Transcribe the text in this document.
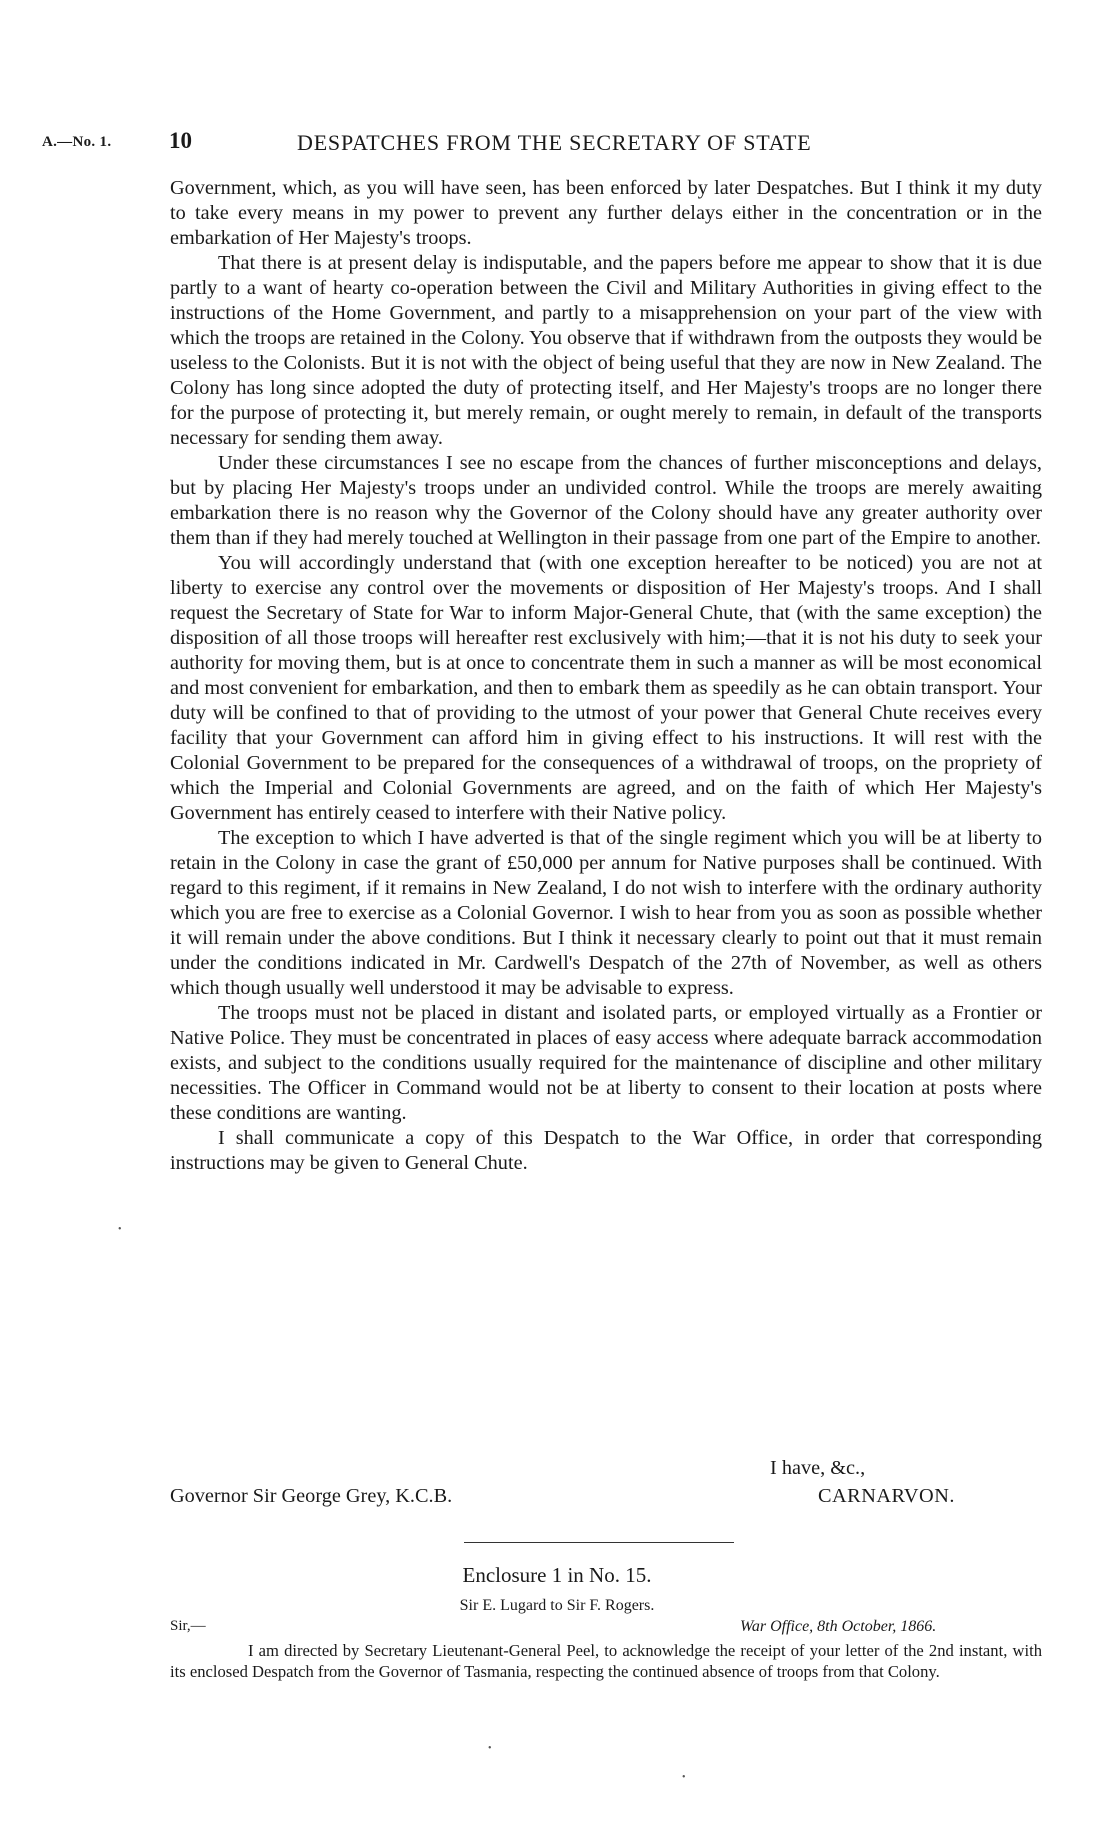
A.—No. 1.	10	DESPATCHES FROM THE SECRETARY OF STATE

Government, which, as you will have seen, has been enforced by later Despatches. But I think it my duty to take every means in my power to prevent any further delays either in the concentration or in the embarkation of Her Majesty's troops.

That there is at present delay is indisputable, and the papers before me appear to show that it is due partly to a want of hearty co-operation between the Civil and Military Authorities in giving effect to the instructions of the Home Government, and partly to a misapprehension on your part of the view with which the troops are retained in the Colony. You observe that if withdrawn from the outposts they would be useless to the Colonists. But it is not with the object of being useful that they are now in New Zealand. The Colony has long since adopted the duty of protecting itself, and Her Majesty's troops are no longer there for the purpose of protecting it, but merely remain, or ought merely to remain, in default of the transports necessary for sending them away.

Under these circumstances I see no escape from the chances of further misconceptions and delays, but by placing Her Majesty's troops under an undivided control. While the troops are merely awaiting embarkation there is no reason why the Governor of the Colony should have any greater authority over them than if they had merely touched at Wellington in their passage from one part of the Empire to another.

You will accordingly understand that (with one exception hereafter to be noticed) you are not at liberty to exercise any control over the movements or disposition of Her Majesty's troops. And I shall request the Secretary of State for War to inform Major-General Chute, that (with the same exception) the disposition of all those troops will hereafter rest exclusively with him;—that it is not his duty to seek your authority for moving them, but is at once to concentrate them in such a manner as will be most economical and most convenient for embarkation, and then to embark them as speedily as he can obtain transport. Your duty will be confined to that of providing to the utmost of your power that General Chute receives every facility that your Government can afford him in giving effect to his instructions. It will rest with the Colonial Government to be prepared for the consequences of a withdrawal of troops, on the propriety of which the Imperial and Colonial Governments are agreed, and on the faith of which Her Majesty's Government has entirely ceased to interfere with their Native policy.

The exception to which I have adverted is that of the single regiment which you will be at liberty to retain in the Colony in case the grant of £50,000 per annum for Native purposes shall be continued. With regard to this regiment, if it remains in New Zealand, I do not wish to interfere with the ordinary authority which you are free to exercise as a Colonial Governor. I wish to hear from you as soon as possible whether it will remain under the above conditions. But I think it necessary clearly to point out that it must remain under the conditions indicated in Mr. Cardwell's Despatch of the 27th of November, as well as others which though usually well understood it may be advisable to express.

The troops must not be placed in distant and isolated parts, or employed virtually as a Frontier or Native Police. They must be concentrated in places of easy access where adequate barrack accommodation exists, and subject to the conditions usually required for the maintenance of discipline and other military necessities. The Officer in Command would not be at liberty to consent to their location at posts where these conditions are wanting.

I shall communicate a copy of this Despatch to the War Office, in order that corresponding instructions may be given to General Chute.

I have, &c.,
Governor Sir George Grey, K.C.B.	CARNARVON.
Enclosure 1 in No. 15.
Sir E. Lugard to Sir F. Rogers.
Sir,—	War Office, 8th October, 1866.

I am directed by Secretary Lieutenant-General Peel, to acknowledge the receipt of your letter of the 2nd instant, with its enclosed Despatch from the Governor of Tasmania, respecting the continued absence of troops from that Colony.

•
•
•
